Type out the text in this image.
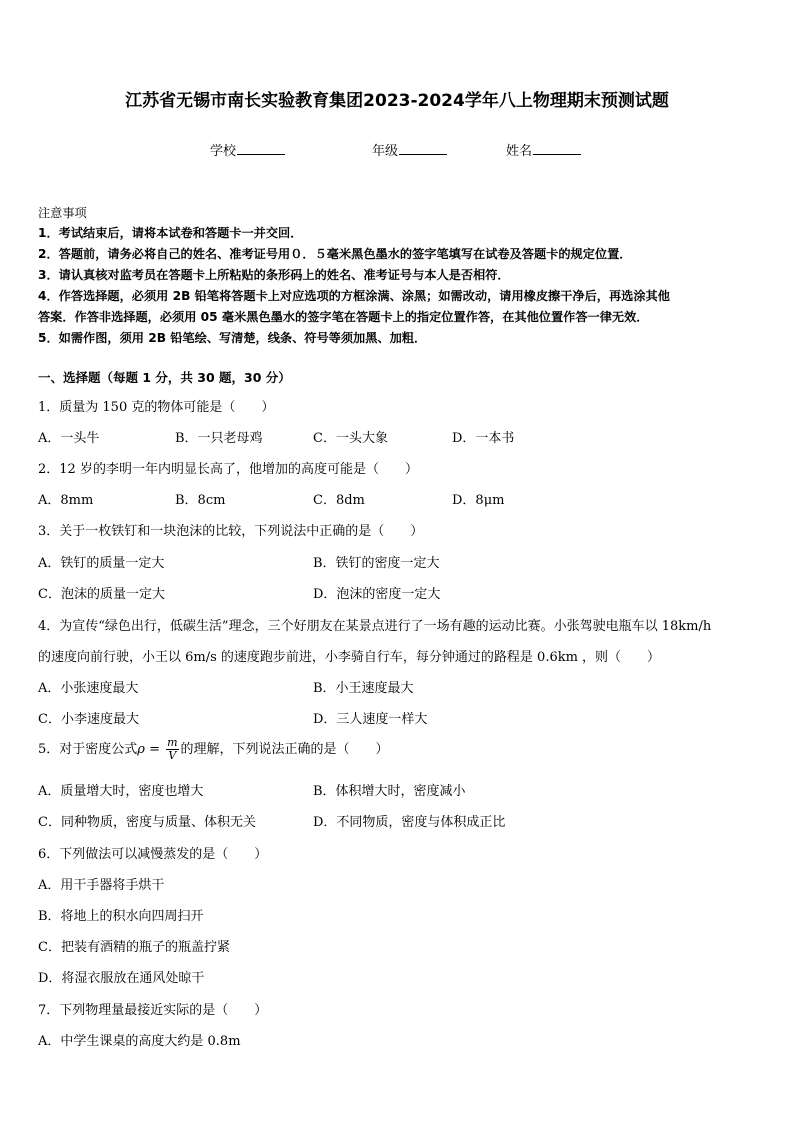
江苏省无锡市南长实验教育集团2023-2024学年八上物理期末预测试题
学校	年级	姓名
注意事项
1．考试结束后，请将本试卷和答题卡一并交回．
2．答题前，请务必将自己的姓名、准考证号用０．５毫米黑色墨水的签字笔填写在试卷及答题卡的规定位置．
3．请认真核对监考员在答题卡上所粘贴的条形码上的姓名、准考证号与本人是否相符．
4．作答选择题，必须用 2B 铅笔将答题卡上对应选项的方框涂满、涂黑；如需改动，请用橡皮擦干净后，再选涂其他
答案．作答非选择题，必须用 05 毫米黑色墨水的签字笔在答题卡上的指定位置作答，在其他位置作答一律无效．
5．如需作图，须用 2B 铅笔绘、写清楚，线条、符号等须加黑、加粗．
一、选择题（每题 1 分，共 30 题，30 分）
1．质量为 150 克的物体可能是（　　）
A．一头牛	B．一只老母鸡	C．一头大象	D．一本书
2．12 岁的李明一年内明显长高了，他增加的高度可能是（　　）
A．8mm	B．8cm	C．8dm	D．8μm
3．关于一枚铁钉和一块泡沫的比较，下列说法中正确的是（　　）
A．铁钉的质量一定大	B．铁钉的密度一定大
C．泡沫的质量一定大	D．泡沫的密度一定大
4．为宣传“绿色出行，低碳生活”理念，三个好朋友在某景点进行了一场有趣的运动比赛。小张驾驶电瓶车以 18km/h
的速度向前行驶，小王以 6m/s 的速度跑步前进，小李骑自行车，每分钟通过的路程是 0.6km ，则（　　）
A．小张速度最大	B．小王速度最大
C．小李速度最大	D．三人速度一样大
5．对于密度公式$\rho = \frac{m}{V}$ 的理解，下列说法正确的是（　　）
A．质量增大时，密度也增大	B．体积增大时，密度减小
C．同种物质，密度与质量、体积无关	D．不同物质，密度与体积成正比
6．下列做法可以减慢蒸发的是（　　）
A．用干手器将手烘干
B．将地上的积水向四周扫开
C．把装有酒精的瓶子的瓶盖拧紧
D．将湿衣服放在通风处晾干
7．下列物理量最接近实际的是（　　）
A．中学生课桌的高度大约是 0.8m
